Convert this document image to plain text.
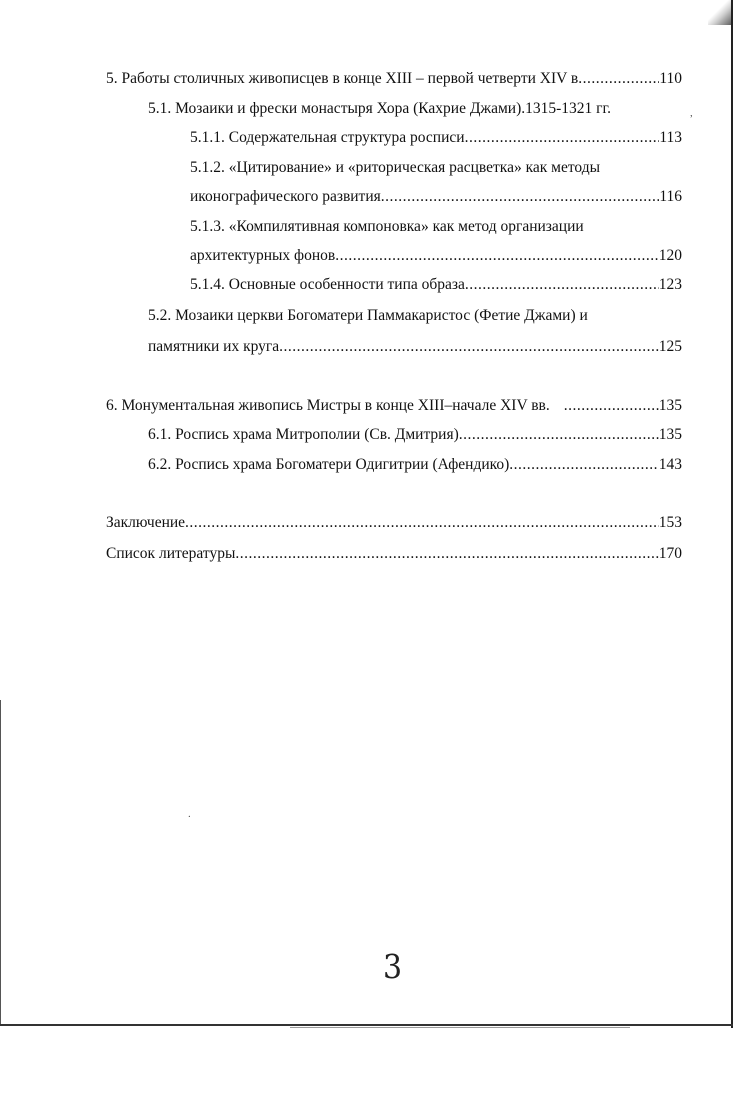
5. Работы столичных живописцев в конце XIII – первой четверти XIV в .....	110
5.1. Мозаики и фрески монастыря Хора (Кахрие Джами).1315-1321 гг.
5.1.1. Содержательная структура росписи .....	113
5.1.2. «Цитирование» и «риторическая расцветка» как методы
иконографического развития .....	116
5.1.3. «Компилятивная компоновка» как метод организации
архитектурных фонов .....	120
5.1.4. Основные особенности типа образа .....	123
5.2. Мозаики церкви Богоматери Паммакаристос (Фетие Джами) и
памятники их круга .....	125
6. Монументальная живопись Мистры в конце XIII–начале XIV вв. .....	135
6.1. Роспись храма Митрополии (Св. Дмитрия) .....	135
6.2. Роспись храма Богоматери Одигитрии (Афендико) .....	143
Заключение .....	153
Список литературы .....	170
,
.
3
